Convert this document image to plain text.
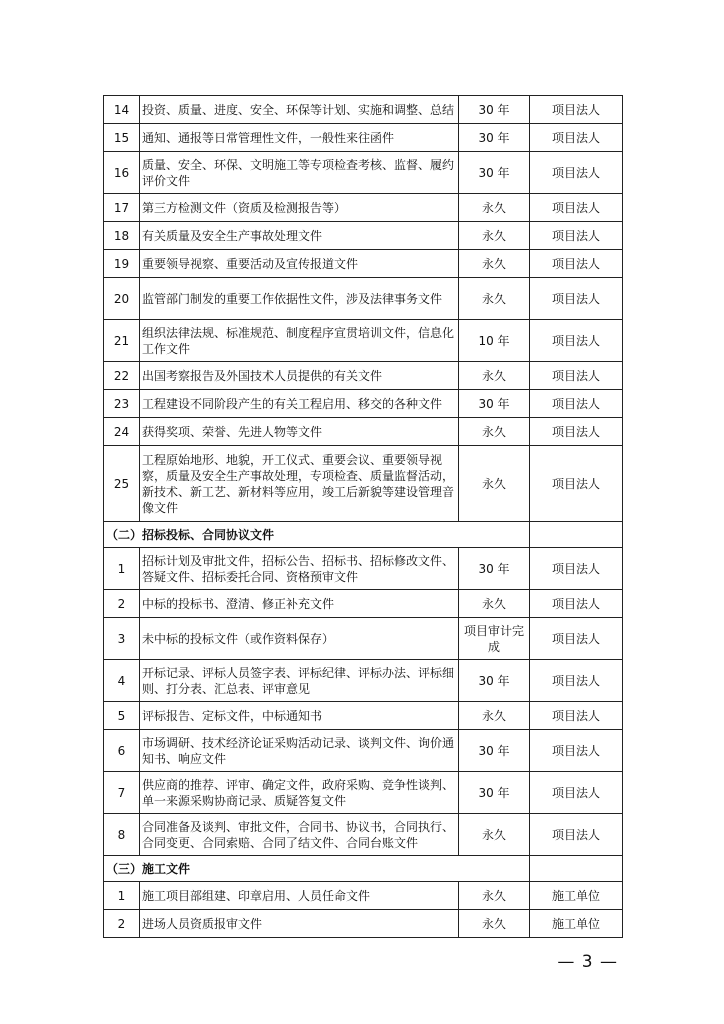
14	投资、质量、进度、安全、环保等计划、实施和调整、总结	30 年	项目法人
15	通知、通报等日常管理性文件，一般性来往函件	30 年	项目法人
16	质量、安全、环保、文明施工等专项检查考核、监督、履约评价文件	30 年	项目法人
17	第三方检测文件（资质及检测报告等）	永久	项目法人
18	有关质量及安全生产事故处理文件	永久	项目法人
19	重要领导视察、重要活动及宣传报道文件	永久	项目法人
20	监管部门制发的重要工作依据性文件，涉及法律事务文件	永久	项目法人
21	组织法律法规、标准规范、制度程序宣贯培训文件，信息化工作文件	10 年	项目法人
22	出国考察报告及外国技术人员提供的有关文件	永久	项目法人
23	工程建设不同阶段产生的有关工程启用、移交的各种文件	30 年	项目法人
24	获得奖项、荣誉、先进人物等文件	永久	项目法人
25	工程原始地形、地貌，开工仪式、重要会议、重要领导视察，质量及安全生产事故处理，专项检查、质量监督活动，新技术、新工艺、新材料等应用，竣工后新貌等建设管理音像文件	永久	项目法人
（二）招标投标、合同协议文件			
1	招标计划及审批文件，招标公告、招标书、招标修改文件、答疑文件、招标委托合同、资格预审文件	30 年	项目法人
2	中标的投标书、澄清、修正补充文件	永久	项目法人
3	未中标的投标文件（或作资料保存）	项目审计完成	项目法人
4	开标记录、评标人员签字表、评标纪律、评标办法、评标细则、打分表、汇总表、评审意见	30 年	项目法人
5	评标报告、定标文件，中标通知书	永久	项目法人
6	市场调研、技术经济论证采购活动记录、谈判文件、询价通知书、响应文件	30 年	项目法人
7	供应商的推荐、评审、确定文件，政府采购、竞争性谈判、单一来源采购协商记录、质疑答复文件	30 年	项目法人
8	合同准备及谈判、审批文件，合同书、协议书，合同执行、合同变更、合同索赔、合同了结文件、合同台账文件	永久	项目法人
（三）施工文件			
1	施工项目部组建、印章启用、人员任命文件	永久	施工单位
2	进场人员资质报审文件	永久	施工单位
— 3 —
